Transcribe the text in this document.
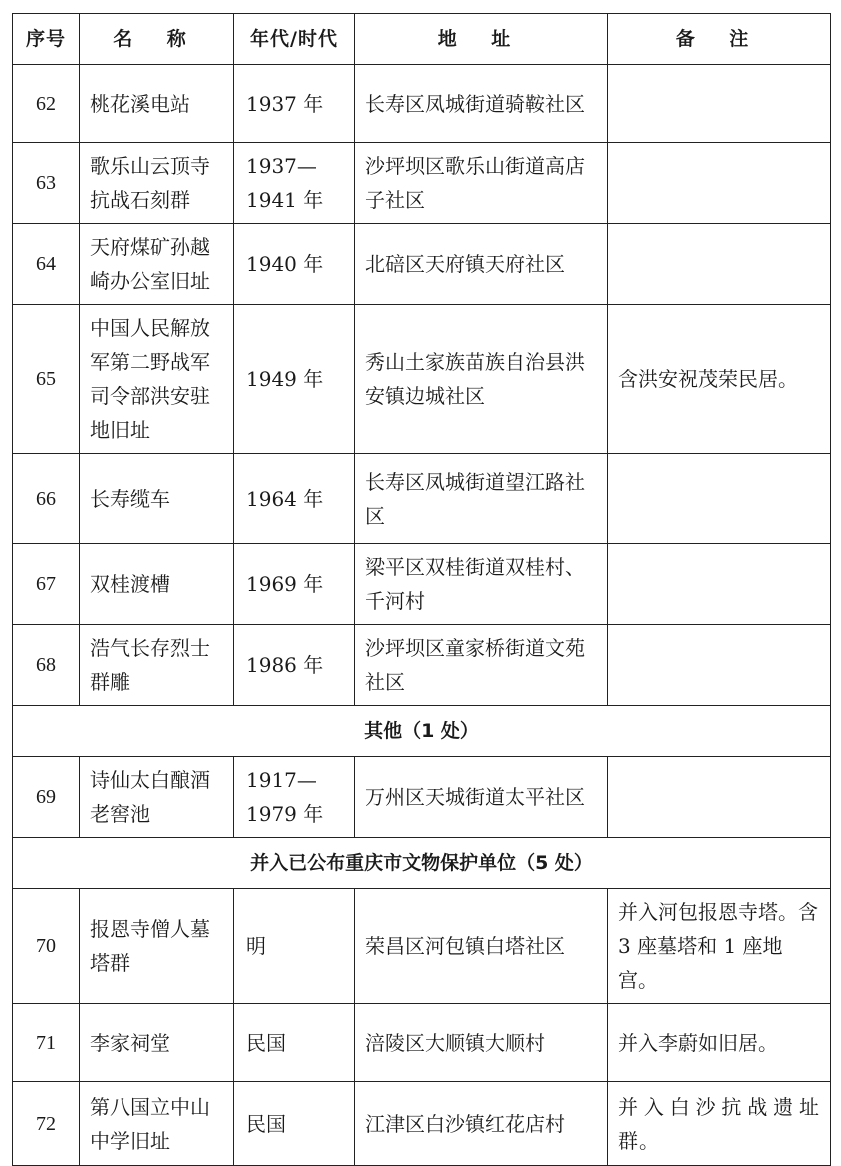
序号	名 称	年代/时代	地 址	备 注
62	桃花溪电站	1937 年	长寿区凤城街道骑鞍社区	
63	歌乐山云顶寺抗战石刻群	1937—1941 年	沙坪坝区歌乐山街道高店子社区	
64	天府煤矿孙越崎办公室旧址	1940 年	北碚区天府镇天府社区	
65	中国人民解放军第二野战军司令部洪安驻地旧址	1949 年	秀山土家族苗族自治县洪安镇边城社区	含洪安祝茂荣民居。
66	长寿缆车	1964 年	长寿区凤城街道望江路社区	
67	双桂渡槽	1969 年	梁平区双桂街道双桂村、千河村	
68	浩气长存烈士群雕	1986 年	沙坪坝区童家桥街道文苑社区	
其他（1 处）				
69	诗仙太白酿酒老窖池	1917—1979 年	万州区天城街道太平社区	
并入已公布重庆市文物保护单位（5 处）				
70	报恩寺僧人墓塔群	明	荣昌区河包镇白塔社区	并入河包报恩寺塔。含 3 座墓塔和 1 座地宫。
71	李家祠堂	民国	涪陵区大顺镇大顺村	并入李蔚如旧居。
72	第八国立中山中学旧址	民国	江津区白沙镇红花店村	并入白沙抗战遗址群。
